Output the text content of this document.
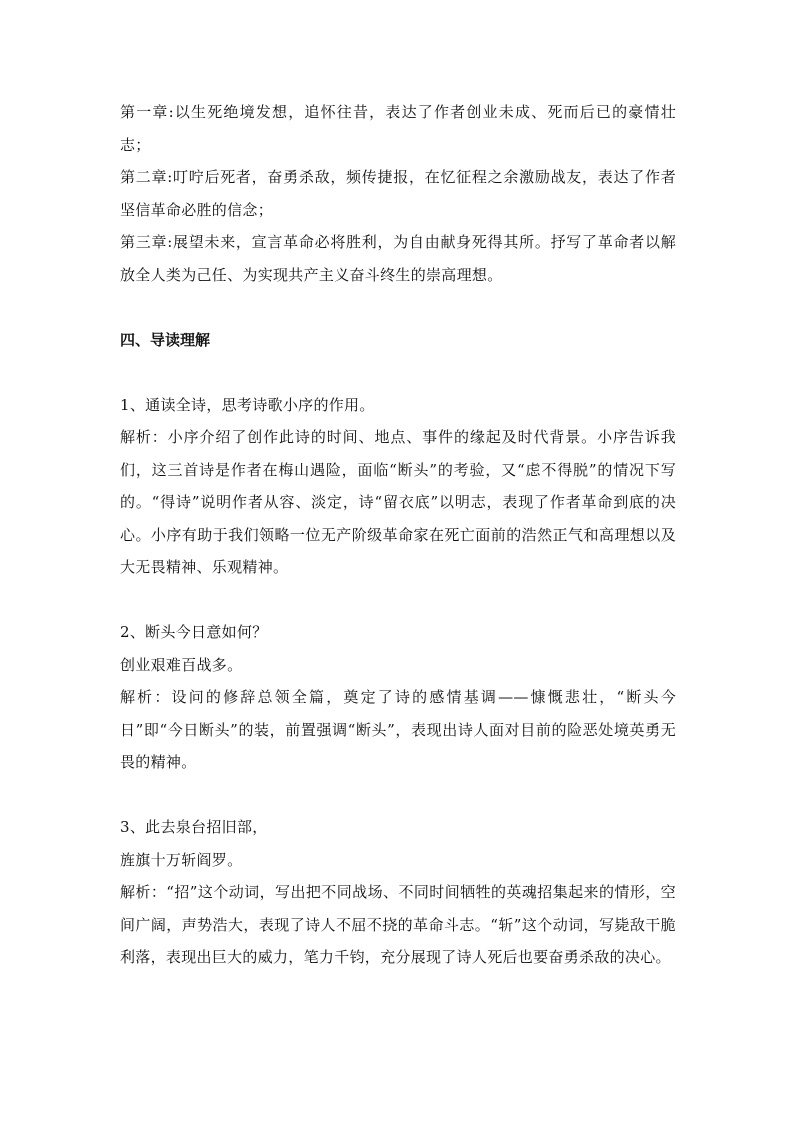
第一章:以生死绝境发想，追怀往昔，表达了作者创业未成、死而后已的豪情壮志；

第二章:叮咛后死者，奋勇杀敌，频传捷报，在忆征程之余激励战友，表达了作者坚信革命必胜的信念；

第三章:展望未来，宣言革命必将胜利，为自由献身死得其所。抒写了革命者以解放全人类为己任、为实现共产主义奋斗终生的崇高理想。

四、导读理解

1、通读全诗，思考诗歌小序的作用。

解析：小序介绍了创作此诗的时间、地点、事件的缘起及时代背景。小序告诉我们，这三首诗是作者在梅山遇险，面临“断头”的考验，又“虑不得脱”的情况下写的。“得诗”说明作者从容、淡定，诗“留衣底”以明志，表现了作者革命到底的决心。小序有助于我们领略一位无产阶级革命家在死亡面前的浩然正气和高理想以及大无畏精神、乐观精神。

2、断头今日意如何？

创业艰难百战多。

解析：设问的修辞总领全篇，奠定了诗的感情基调——慷慨悲壮，“断头今日”即“今日断头”的装，前置强调“断头”，表现出诗人面对目前的险恶处境英勇无畏的精神。

3、此去泉台招旧部，

旌旗十万斩阎罗。

解析：“招”这个动词，写出把不同战场、不同时间牺牲的英魂招集起来的情形，空间广阔，声势浩大，表现了诗人不屈不挠的革命斗志。“斩”这个动词，写毙敌干脆利落，表现出巨大的威力，笔力千钧，充分展现了诗人死后也要奋勇杀敌的决心。
